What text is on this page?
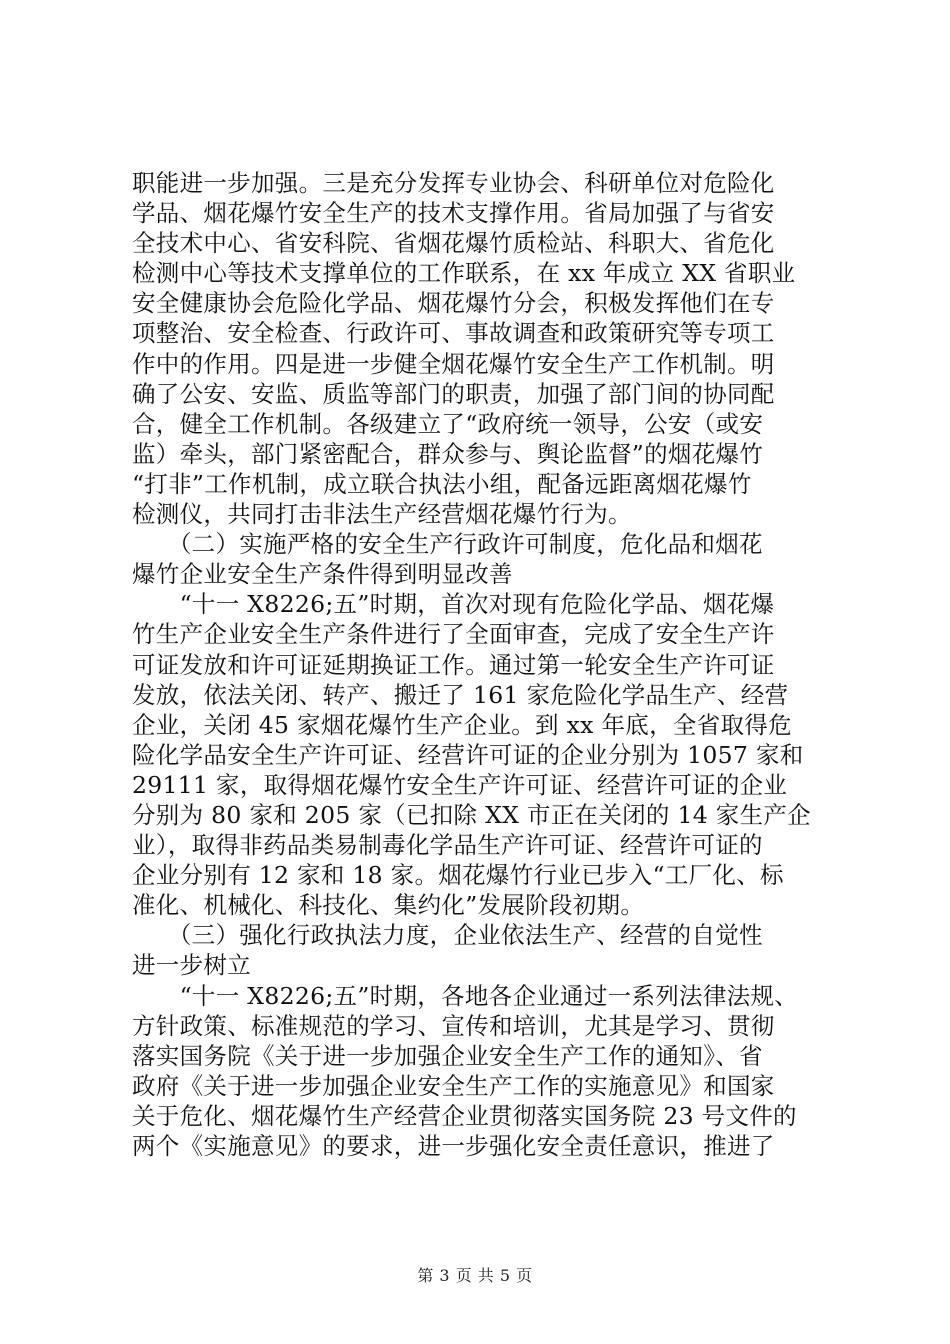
职能进一步加强。三是充分发挥专业协会、科研单位对危险化
学品、烟花爆竹安全生产的技术支撑作用。省局加强了与省安
全技术中心、省安科院、省烟花爆竹质检站、科职大、省危化
检测中心等技术支撑单位的工作联系，在 xx 年成立 XX 省职业
安全健康协会危险化学品、烟花爆竹分会，积极发挥他们在专
项整治、安全检查、行政许可、事故调查和政策研究等专项工
作中的作用。四是进一步健全烟花爆竹安全生产工作机制。明
确了公安、安监、质监等部门的职责，加强了部门间的协同配
合，健全工作机制。各级建立了“政府统一领导，公安（或安
监）牵头，部门紧密配合，群众参与、舆论监督”的烟花爆竹
“打非”工作机制，成立联合执法小组，配备远距离烟花爆竹
检测仪，共同打击非法生产经营烟花爆竹行为。
　　（二）实施严格的安全生产行政许可制度，危化品和烟花
爆竹企业安全生产条件得到明显改善
　　“十一 X8226;五”时期，首次对现有危险化学品、烟花爆
竹生产企业安全生产条件进行了全面审查，完成了安全生产许
可证发放和许可证延期换证工作。通过第一轮安全生产许可证
发放，依法关闭、转产、搬迁了 161 家危险化学品生产、经营
企业，关闭 45 家烟花爆竹生产企业。到 xx 年底，全省取得危
险化学品安全生产许可证、经营许可证的企业分别为 1057 家和
29111 家，取得烟花爆竹安全生产许可证、经营许可证的企业
分别为 80 家和 205 家（已扣除 XX 市正在关闭的 14 家生产企
业），取得非药品类易制毒化学品生产许可证、经营许可证的
企业分别有 12 家和 18 家。烟花爆竹行业已步入“工厂化、标
准化、机械化、科技化、集约化”发展阶段初期。
　　（三）强化行政执法力度，企业依法生产、经营的自觉性
进一步树立
　　“十一 X8226;五”时期，各地各企业通过一系列法律法规、
方针政策、标准规范的学习、宣传和培训，尤其是学习、贯彻
落实国务院《关于进一步加强企业安全生产工作的通知》、省
政府《关于进一步加强企业安全生产工作的实施意见》和国家
关于危化、烟花爆竹生产经营企业贯彻落实国务院 23 号文件的
两个《实施意见》的要求，进一步强化安全责任意识，推进了
第 3 页 共 5 页
